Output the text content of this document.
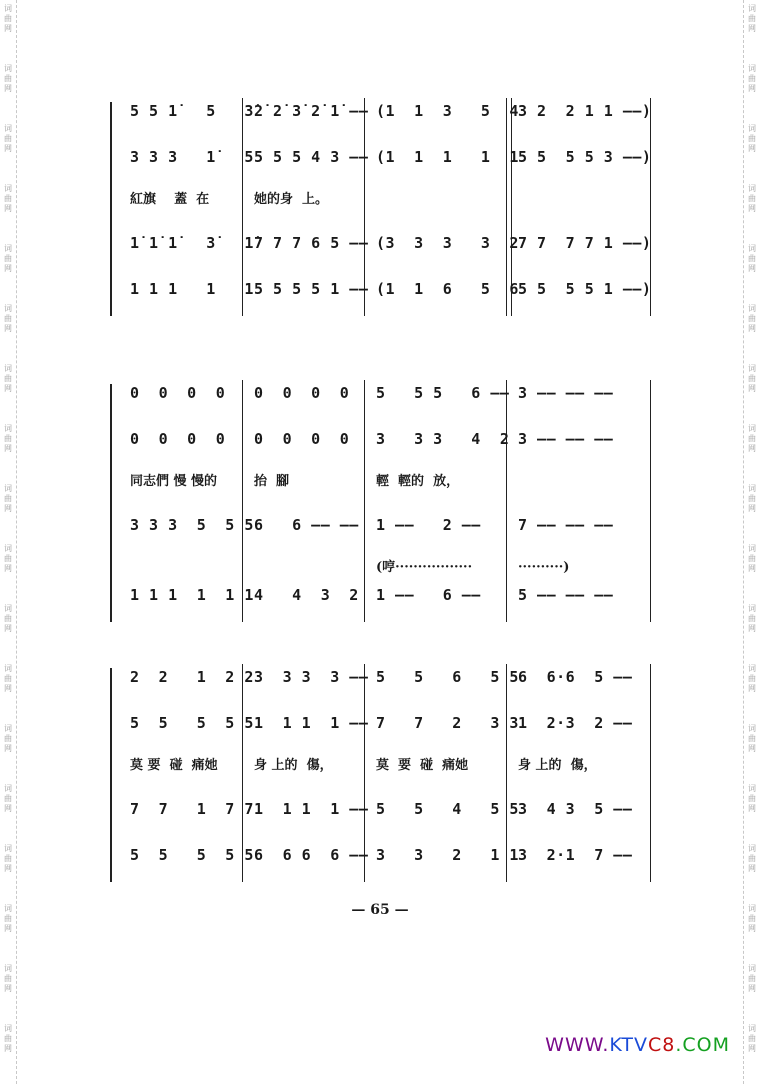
词
曲
网
词
曲
网
词
曲
网
词
曲
网
词
曲
网
词
曲
网
词
曲
网
词
曲
网
词
曲
网
词
曲
网
词
曲
网
词
曲
网
词
曲
网
词
曲
网
词
曲
网
词
曲
网
词
曲
网
词
曲
网
词
曲
网
词
曲
网
词
曲
网
词
曲
网
词
曲
网
词
曲
网
词
曲
网
词
曲
网
词
曲
网
词
曲
网
词
曲
网
词
曲
网
词
曲
网
词
曲
网
词
曲
网
词
曲
网
词
曲
网
词
曲
网
5 5 1̇   5   3̇ 2̇ 2̇ 3̇ 2̇ 1̇ —— (1  1  3   5  4 3 2  2 1 1 ——)
3 3 3   1̇   5 5 5 5 4 3 —— (1  1  1   1  1 5 5  5 5 3 ——)
紅旗    蓋  在	她的身  上。
1̇ 1̇ 1̇   3̇   1̇ 7 7 7 6 5 —— (3  3  3   3  2 7 7  7 7 1 ——)
1 1 1   1   1 5 5 5 5 1 —— (1  1  6   5  6 5 5  5 5 1 ——)
0  0  0  0 0  0  0  0 5   5 5   6 —— 3 —— —— ——
0  0  0  0 0  0  0  0 3   3 3   4  2 3 —— —— ——
同志們 慢 慢的	抬  腳	輕  輕的  放，
3 3 3  5  5 5 6   6 —— —— 1 ——   2 —— 7 —— —— ——
(哼·················	··········)
1 1 1  1  1 1 4   4  3  2 1 ——   6 —— 5 —— —— ——
2  2   1  2 2 3  3 3  3 —— 5   5   6   5 5 6  6·6  5 ——
5  5   5  5 5 1  1 1  1 —— 7   7   2   3 3 1  2·3  2 ——
莫 要  碰  痛她	身 上的  傷，	莫  要  碰  痛她	身 上的  傷，
7  7   1  7 7 1  1 1  1 —— 5   5   4   5 5 3  4 3  5 ——
5  5   5  5 5 6  6 6  6 —— 3   3   2   1 1 3  2·1  7 ——
— 65 —
WWW.KTVC8.COM
